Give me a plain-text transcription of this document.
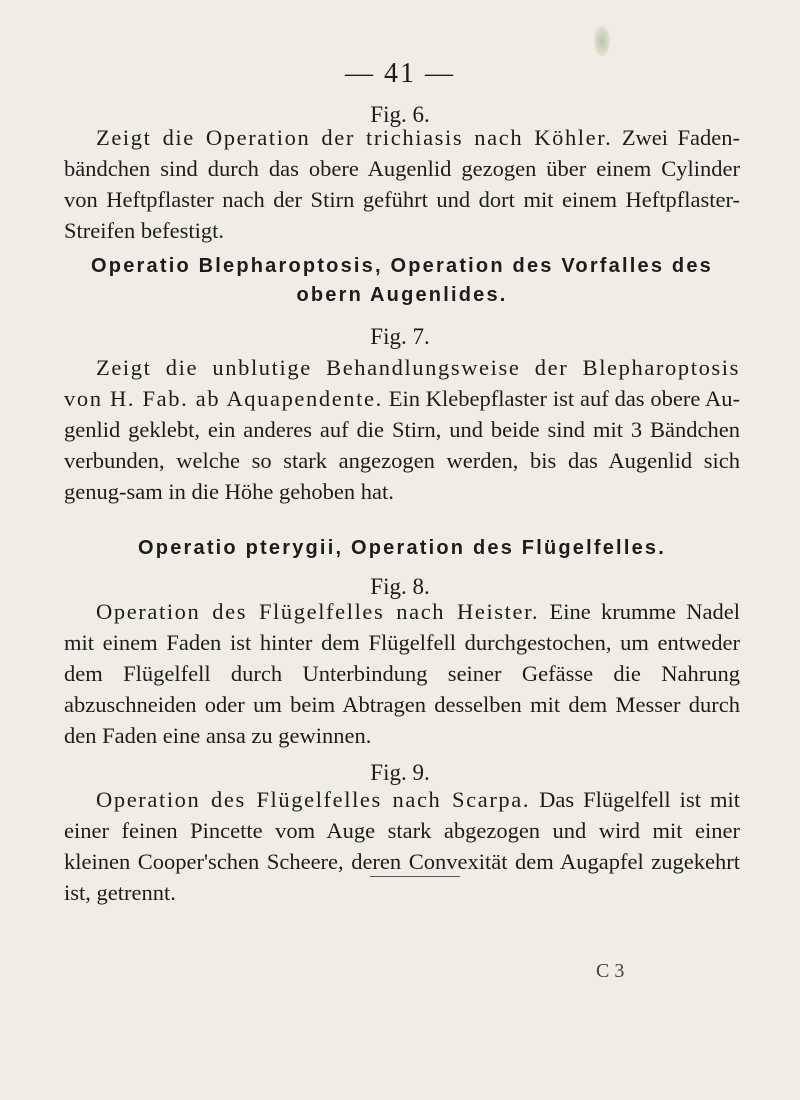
— 41 —
Fig. 6.

Zeigt die Operation der trichiasis nach Köhler. Zwei Faden-bändchen sind durch das obere Augenlid gezogen über einem Cylinder von Heftpflaster nach der Stirn geführt und dort mit einem Heftpflaster-Streifen befestigt.

Operatio Blepharoptosis, Operation des Vorfalles des obern Augenlides.

Fig. 7.

Zeigt die unblutige Behandlungsweise der Blepharoptosis von H. Fab. ab Aquapendente. Ein Klebepflaster ist auf das obere Au-genlid geklebt, ein anderes auf die Stirn, und beide sind mit 3 Bändchen verbunden, welche so stark angezogen werden, bis das Augenlid sich genug-sam in die Höhe gehoben hat.

Operatio pterygii, Operation des Flügelfelles.

Fig. 8.

Operation des Flügelfelles nach Heister. Eine krumme Nadel mit einem Faden ist hinter dem Flügelfell durchgestochen, um entweder dem Flügelfell durch Unterbindung seiner Gefässe die Nahrung abzuschneiden oder um beim Abtragen desselben mit dem Messer durch den Faden eine ansa zu gewinnen.

Fig. 9.

Operation des Flügelfelles nach Scarpa. Das Flügelfell ist mit einer feinen Pincette vom Auge stark abgezogen und wird mit einer kleinen Cooper'schen Scheere, deren Convexität dem Augapfel zugekehrt ist, getrennt.

C 3
